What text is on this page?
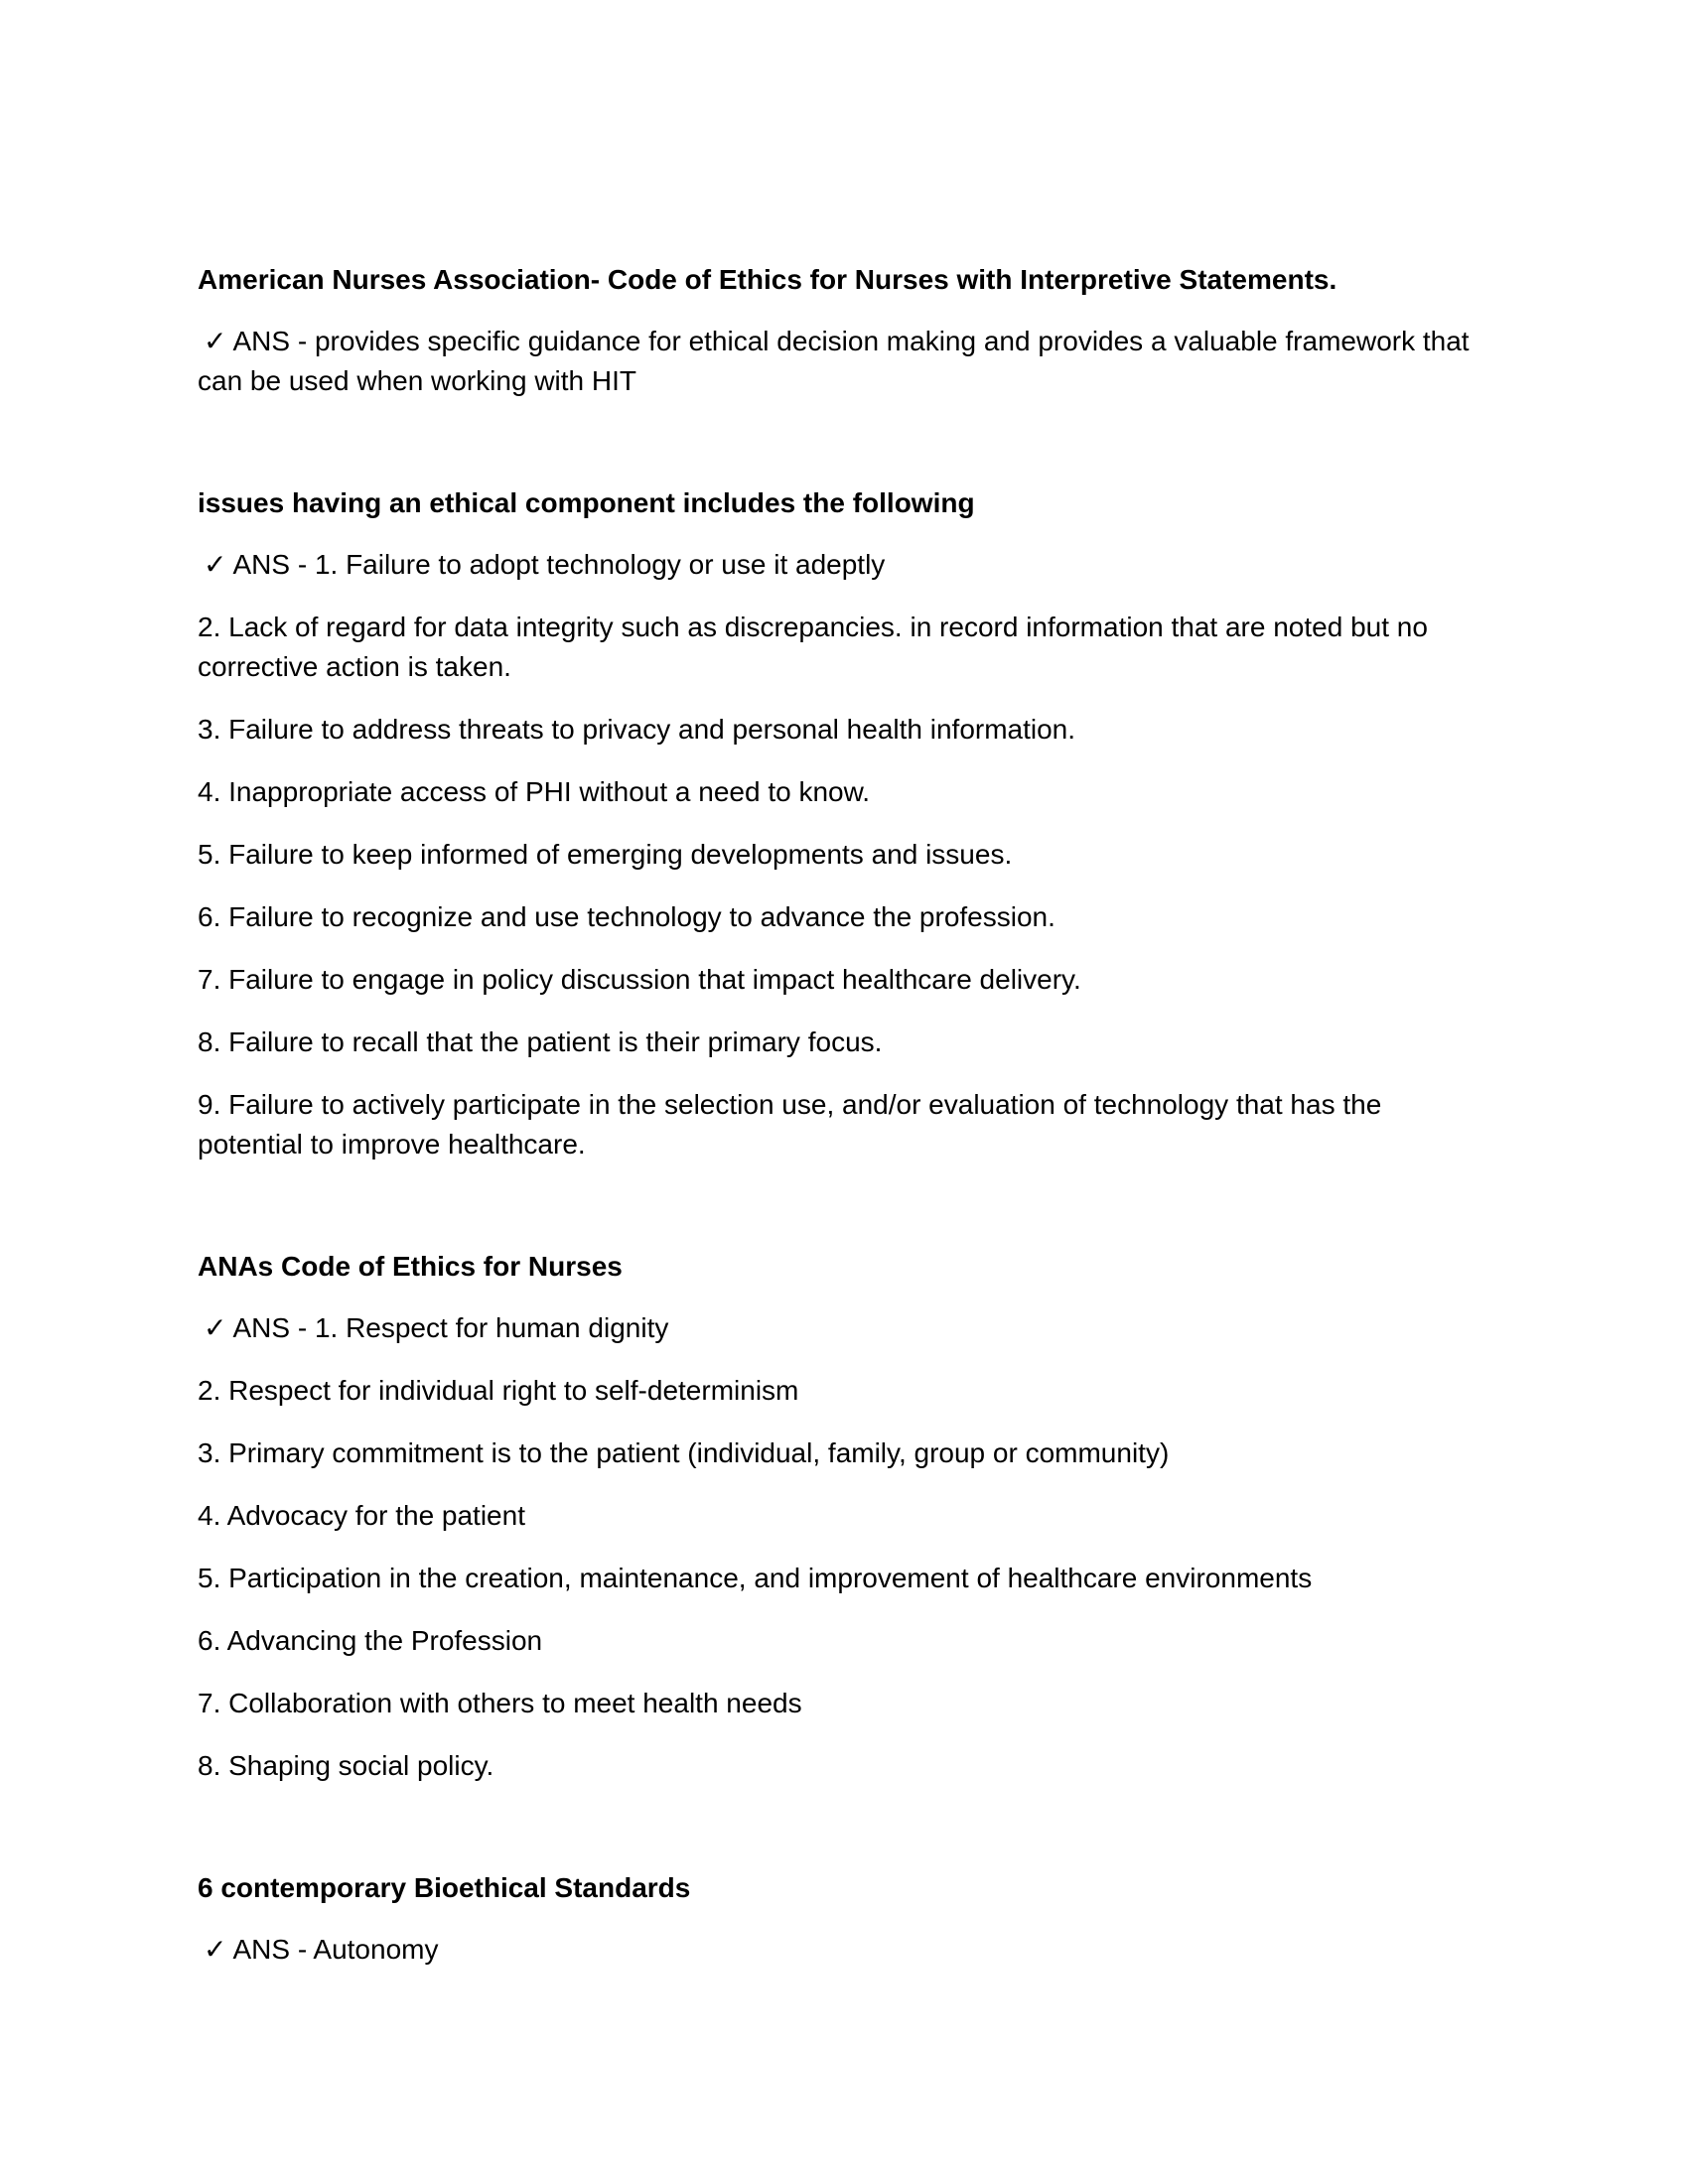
American Nurses Association- Code of Ethics for Nurses with Interpretive Statements.

✓ ANS - provides specific guidance for ethical decision making and provides a valuable framework that can be used when working with HIT

issues having an ethical component includes the following

✓ ANS - 1. Failure to adopt technology or use it adeptly

2. Lack of regard for data integrity such as discrepancies. in record information that are noted but no corrective action is taken.

3. Failure to address threats to privacy and personal health information.

4. Inappropriate access of PHI without a need to know.

5. Failure to keep informed of emerging developments and issues.

6. Failure to recognize and use technology to advance the profession.

7. Failure to engage in policy discussion that impact healthcare delivery.

8. Failure to recall that the patient is their primary focus.

9. Failure to actively participate in the selection use, and/or evaluation of technology that has the potential to improve healthcare.

ANAs Code of Ethics for Nurses

✓ ANS - 1. Respect for human dignity

2. Respect for individual right to self-determinism

3. Primary commitment is to the patient (individual, family, group or community)

4. Advocacy for the patient

5. Participation in the creation, maintenance, and improvement of healthcare environments

6. Advancing the Profession

7. Collaboration with others to meet health needs

8. Shaping social policy.

6 contemporary Bioethical Standards

✓ ANS - Autonomy
